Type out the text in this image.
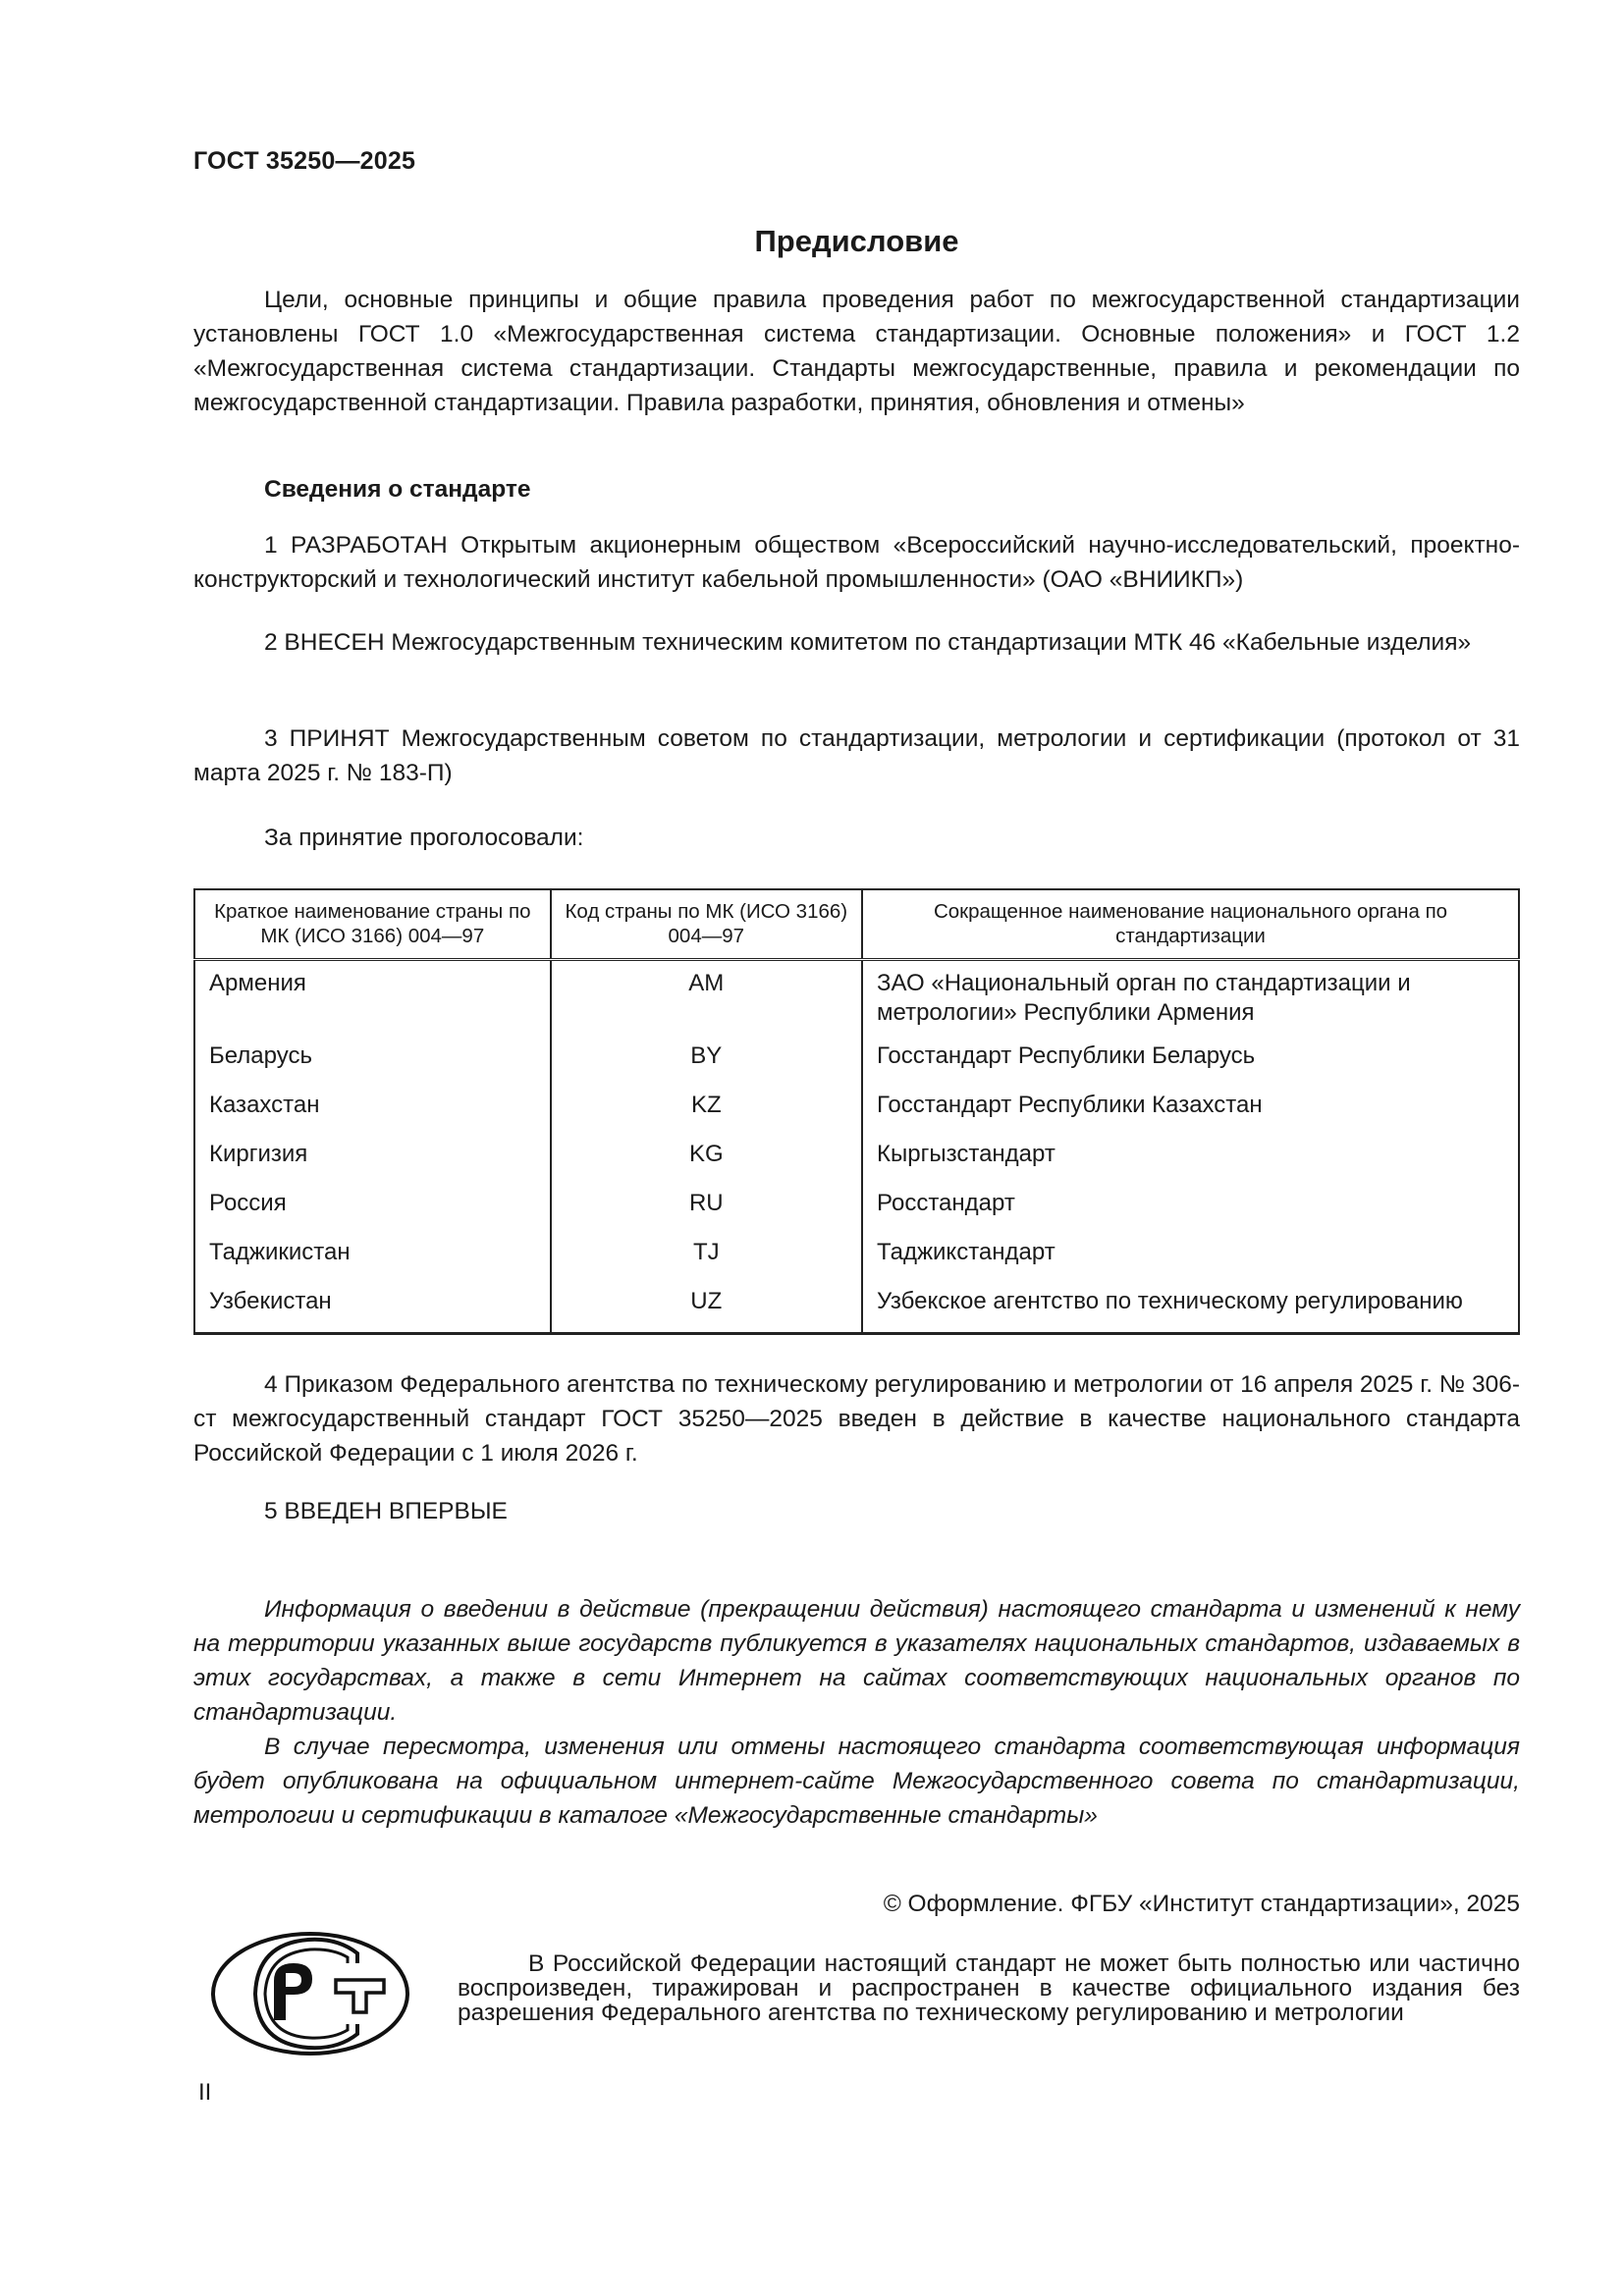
ГОСТ 35250—2025
Предисловие
Цели, основные принципы и общие правила проведения работ по межгосударственной стандартизации установлены ГОСТ 1.0 «Межгосударственная система стандартизации. Основные положения» и ГОСТ 1.2 «Межгосударственная система стандартизации. Стандарты межгосударственные, правила и рекомендации по межгосударственной стандартизации. Правила разработки, принятия, обновления и отмены»
Сведения о стандарте
1 РАЗРАБОТАН Открытым акционерным обществом «Всероссийский научно-исследовательский, проектно-конструкторский и технологический институт кабельной промышленности» (ОАО «ВНИИКП»)
2 ВНЕСЕН Межгосударственным техническим комитетом по стандартизации МТК 46 «Кабельные изделия»
3 ПРИНЯТ Межгосударственным советом по стандартизации, метрологии и сертификации (протокол от 31 марта 2025 г. № 183-П)
За принятие проголосовали:
Краткое наименование страны по МК (ИСО 3166) 004—97	Код страны по МК (ИСО 3166) 004—97	Сокращенное наименование национального органа по стандартизации
Армения	AM	ЗАО «Национальный орган по стандартизации и метрологии» Республики Армения
Беларусь	BY	Госстандарт Республики Беларусь
Казахстан	KZ	Госстандарт Республики Казахстан
Киргизия	KG	Кыргызстандарт
Россия	RU	Росстандарт
Таджикистан	TJ	Таджикстандарт
Узбекистан	UZ	Узбекское агентство по техническому регулированию
4 Приказом Федерального агентства по техническому регулированию и метрологии от 16 апреля 2025 г. № 306-ст межгосударственный стандарт ГОСТ 35250—2025 введен в действие в качестве национального стандарта Российской Федерации с 1 июля 2026 г.
5 ВВЕДЕН ВПЕРВЫЕ
Информация о введении в действие (прекращении действия) настоящего стандарта и изменений к нему на территории указанных выше государств публикуется в указателях национальных стандартов, издаваемых в этих государствах, а также в сети Интернет на сайтах соответствующих национальных органов по стандартизации.
В случае пересмотра, изменения или отмены настоящего стандарта соответствующая информация будет опубликована на официальном интернет-сайте Межгосударственного совета по стандартизации, метрологии и сертификации в каталоге «Межгосударственные стандарты»
© Оформление. ФГБУ «Институт стандартизации», 2025
В Российской Федерации настоящий стандарт не может быть полностью или частично воспроизведен, тиражирован и распространен в качестве официального издания без разрешения Федерального агентства по техническому регулированию и метрологии
II
